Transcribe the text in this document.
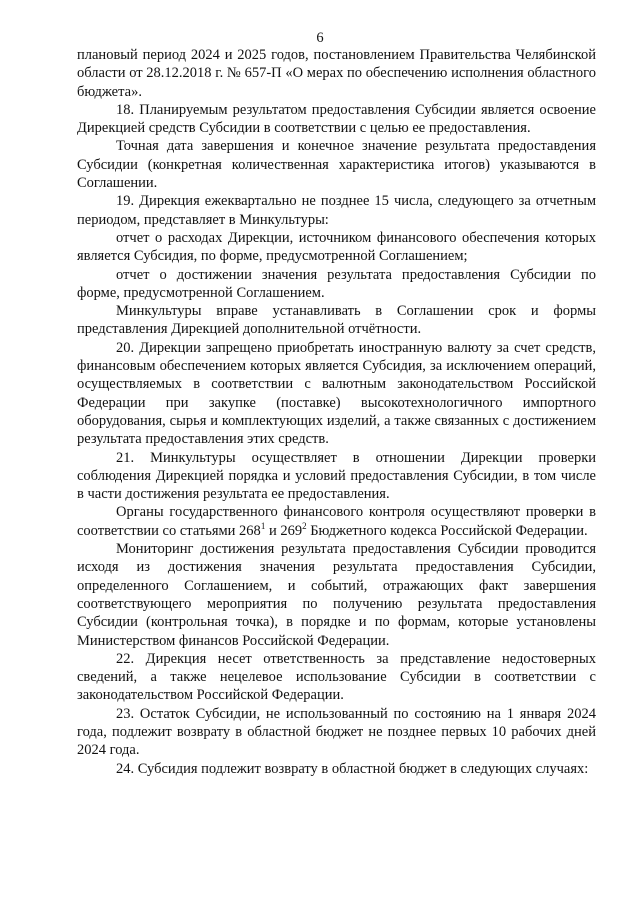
6

плановый период 2024 и 2025 годов, постановлением Правительства Челябинской области от 28.12.2018 г. № 657-П «О мерах по обеспечению исполнения областного бюджета».

18. Планируемым результатом предоставления Субсидии является освоение Дирекцией средств Субсидии в соответствии с целью ее предоставления.

Точная дата завершения и конечное значение результата предоставдения Субсидии (конкретная количественная характеристика итогов) указываются в Соглашении.

19. Дирекция ежеквартально не позднее 15 числа, следующего за отчетным периодом, представляет в Минкультуры:

отчет о расходах Дирекции, источником финансового обеспечения которых является Субсидия, по форме, предусмотренной Соглашением;

отчет о достижении значения результата предоставления Субсидии по форме, предусмотренной Соглашением.

Минкультуры вправе устанавливать в Соглашении срок и формы представления Дирекцией дополнительной отчётности.

20. Дирекции запрещено приобретать иностранную валюту за счет средств, финансовым обеспечением которых является Субсидия, за исключением операций, осуществляемых в соответствии с валютным законодательством Российской Федерации при закупке (поставке) высокотехнологичного импортного оборудования, сырья и комплектующих изделий, а также связанных с достижением результата предоставления этих средств.

21. Минкультуры осуществляет в отношении Дирекции проверки соблюдения Дирекцией порядка и условий предоставления Субсидии, в том числе в части достижения результата ее предоставления.

Органы государственного финансового контроля осуществляют проверки в соответствии со статьями $268^1$ и $269^2$ Бюджетного кодекса Российской Федерации.

Мониторинг достижения результата предоставления Субсидии проводится исходя из достижения значения результата предоставления Субсидии, определенного Соглашением, и событий, отражающих факт завершения соответствующего мероприятия по получению результата предоставления Субсидии (контрольная точка), в порядке и по формам, которые установлены Министерством финансов Российской Федерации.

22. Дирекция несет ответственность за представление недостоверных сведений, а также нецелевое использование Субсидии в соответствии с законодательством Российской Федерации.

23. Остаток Субсидии, не использованный по состоянию на 1 января 2024 года, подлежит возврату в областной бюджет не позднее первых 10 рабочих дней 2024 года.

24. Субсидия подлежит возврату в областной бюджет в следующих случаях:
